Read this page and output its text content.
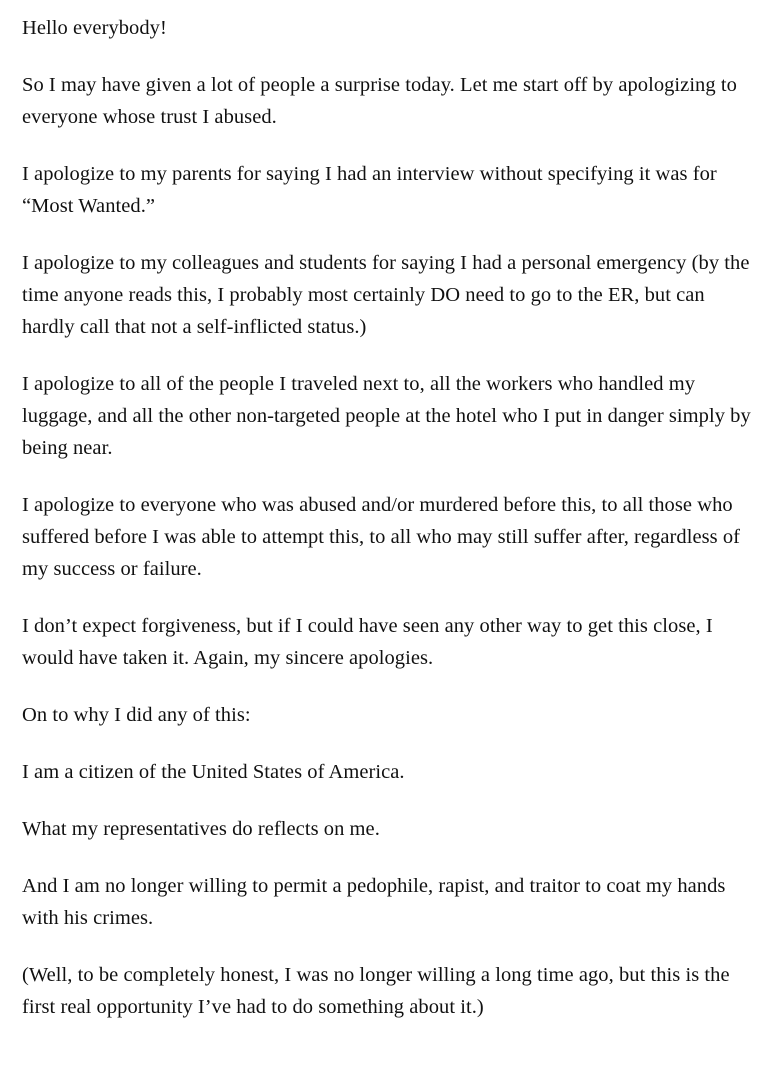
Hello everybody!

So I may have given a lot of people a surprise today. Let me start off by apologizing to everyone whose trust I abused.

I apologize to my parents for saying I had an interview without specifying it was for “Most Wanted.”

I apologize to my colleagues and students for saying I had a personal emergency (by the time anyone reads this, I probably most certainly DO need to go to the ER, but can hardly call that not a self-inflicted status.)

I apologize to all of the people I traveled next to, all the workers who handled my luggage, and all the other non-targeted people at the hotel who I put in danger simply by being near.

I apologize to everyone who was abused and/or murdered before this, to all those who suffered before I was able to attempt this, to all who may still suffer after, regardless of my success or failure.

I don’t expect forgiveness, but if I could have seen any other way to get this close, I would have taken it. Again, my sincere apologies.

On to why I did any of this:

I am a citizen of the United States of America.

What my representatives do reflects on me.

And I am no longer willing to permit a pedophile, rapist, and traitor to coat my hands with his crimes.

(Well, to be completely honest, I was no longer willing a long time ago, but this is the first real opportunity I’ve had to do something about it.)
